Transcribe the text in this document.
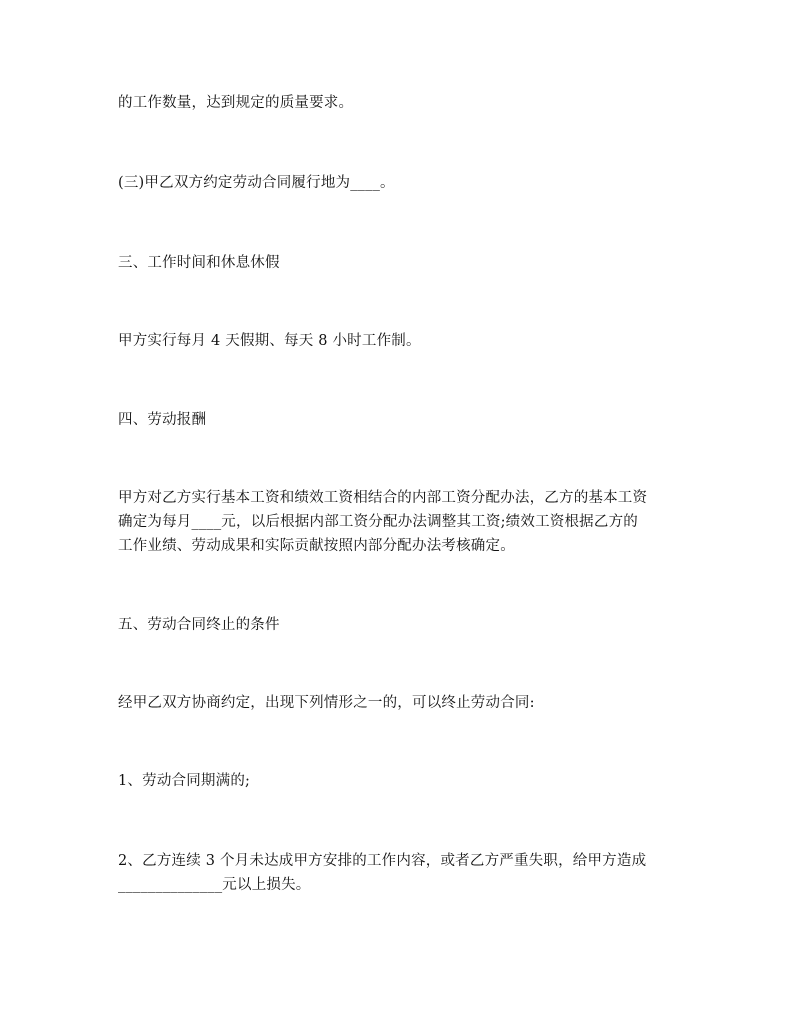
的工作数量，达到规定的质量要求。
(三)甲乙双方约定劳动合同履行地为____。
三、工作时间和休息休假
甲方实行每月 4 天假期、每天 8 小时工作制。
四、劳动报酬
甲方对乙方实行基本工资和绩效工资相结合的内部工资分配办法，乙方的基本工资
确定为每月____元，以后根据内部工资分配办法调整其工资;绩效工资根据乙方的
工作业绩、劳动成果和实际贡献按照内部分配办法考核确定。
五、劳动合同终止的条件
经甲乙双方协商约定，出现下列情形之一的，可以终止劳动合同:
1、劳动合同期满的;
2、乙方连续 3 个月未达成甲方安排的工作内容，或者乙方严重失职，给甲方造成
______________元以上损失。
